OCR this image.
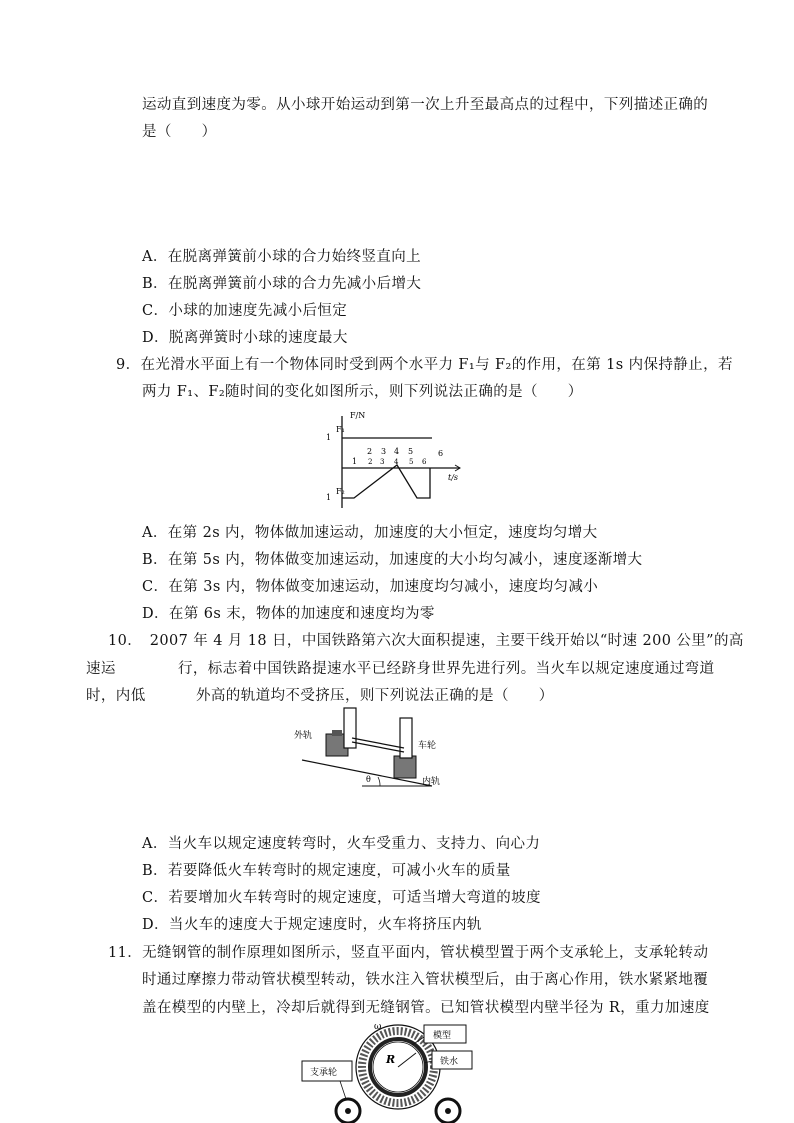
运动直到速度为零。从小球开始运动到第一次上升至最高点的过程中，下列描述正确的
是（　　）
A．在脱离弹簧前小球的合力始终竖直向上
B．在脱离弹簧前小球的合力先减小后增大
C．小球的加速度先减小后恒定
D．脱离弹簧时小球的速度最大
9．在光滑水平面上有一个物体同时受到两个水平力 F₁与 F₂的作用，在第 1s 内保持静止，若
两力 F₁、F₂随时间的变化如图所示，则下列说法正确的是（　　）
F/N
F₁
F₂
1
1
1
2 3 4 5	6
2 3 4 5 6
t/s
A．在第 2s 内，物体做加速运动，加速度的大小恒定，速度均匀增大
B．在第 5s 内，物体做变加速运动，加速度的大小均匀减小，速度逐渐增大
C．在第 3s 内，物体做变加速运动，加速度均匀减小，速度均匀减小
D．在第 6s 末，物体的加速度和速度均为零
10．　2007 年 4 月 18 日，中国铁路第六次大面积提速，主要干线开始以“时速 200 公里”的高
速运	行，标志着中国铁路提速水平已经跻身世界先进行列。当火车以规定速度通过弯道
时，内低	外高的轨道均不受挤压，则下列说法正确的是（　　）
外轨
车轮
内轨
θ
A．当火车以规定速度转弯时，火车受重力、支持力、向心力
B．若要降低火车转弯时的规定速度，可减小火车的质量
C．若要增加火车转弯时的规定速度，可适当增大弯道的坡度
D．当火车的速度大于规定速度时，火车将挤压内轨
11．无缝钢管的制作原理如图所示，竖直平面内，管状模型置于两个支承轮上，支承轮转动
时通过摩擦力带动管状模型转动，铁水注入管状模型后，由于离心作用，铁水紧紧地覆
盖在模型的内壁上，冷却后就得到无缝钢管。已知管状模型内壁半径为 R，重力加速度
R
ω
模型
铁水
支承轮
